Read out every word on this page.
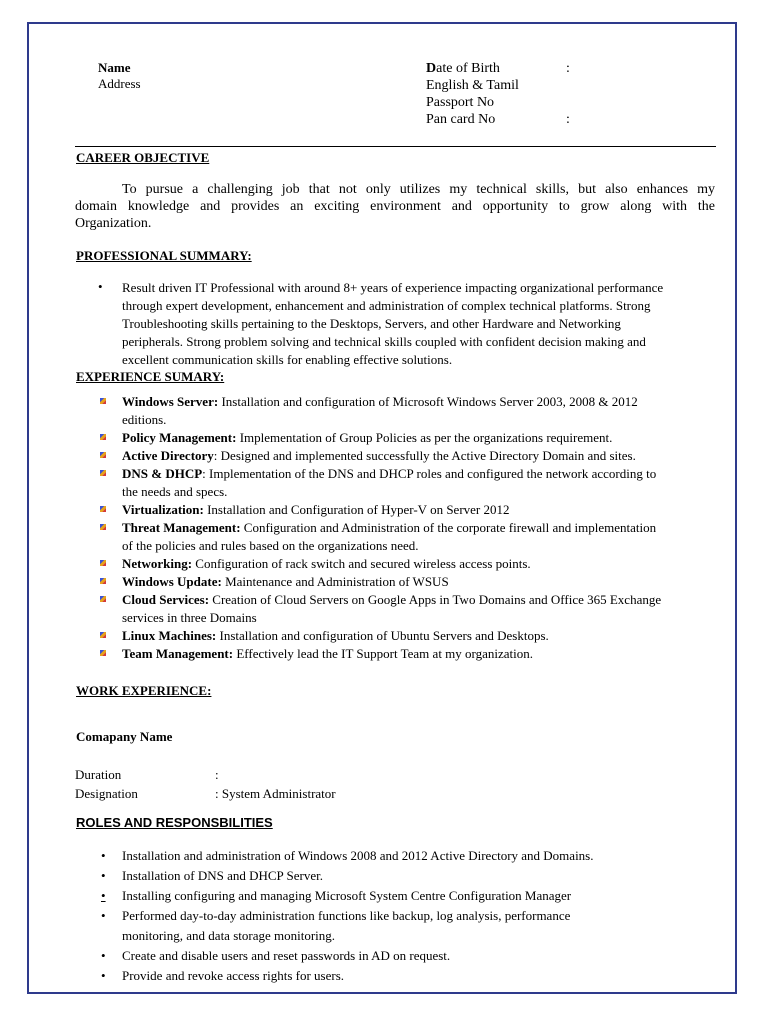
Name
Address
Date of Birth	:
English & Tamil
Passport No
Pan card No	:
CAREER OBJECTIVE
To pursue a challenging job that not only utilizes my technical skills, but also enhances my
domain knowledge and provides an exciting environment and opportunity to grow along with the
Organization.
PROFESSIONAL SUMMARY:
• Result driven IT Professional with around 8+ years of experience impacting organizational performance
through expert development, enhancement and administration of complex technical platforms. Strong
Troubleshooting skills pertaining to the Desktops, Servers, and other Hardware and Networking
peripherals. Strong problem solving and technical skills coupled with confident decision making and
excellent communication skills for enabling effective solutions.
EXPERIENCE SUMARY:
Windows Server: Installation and configuration of Microsoft Windows Server 2003, 2008 & 2012
editions.
Policy Management: Implementation of Group Policies as per the organizations requirement.
Active Directory: Designed and implemented successfully the Active Directory Domain and sites.
DNS & DHCP: Implementation of the DNS and DHCP roles and configured the network according to
the needs and specs.
Virtualization: Installation and Configuration of Hyper-V on Server 2012
Threat Management: Configuration and Administration of the corporate firewall and implementation
of the policies and rules based on the organizations need.
Networking: Configuration of rack switch and secured wireless access points.
Windows Update: Maintenance and Administration of WSUS
Cloud Services: Creation of Cloud Servers on Google Apps in Two Domains and Office 365 Exchange
services in three Domains
Linux Machines: Installation and configuration of Ubuntu Servers and Desktops.
Team Management: Effectively lead the IT Support Team at my organization.
WORK EXPERIENCE:
Comapany Name
Duration	:
Designation	: System Administrator
ROLES AND RESPONSBILITIES
• Installation and administration of Windows 2008 and 2012 Active Directory and Domains.
• Installation of DNS and DHCP Server.
• Installing configuring and managing Microsoft System Centre Configuration Manager
• Performed day-to-day administration functions like backup, log analysis, performance
monitoring, and data storage monitoring.
• Create and disable users and reset passwords in AD on request.
• Provide and revoke access rights for users.
